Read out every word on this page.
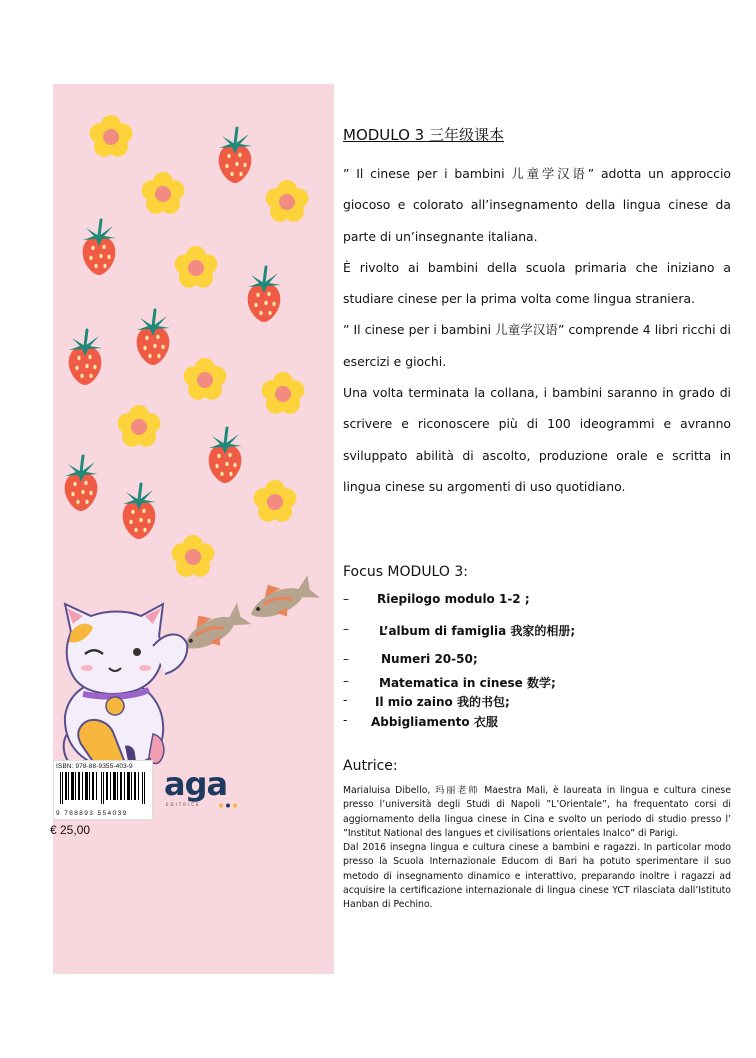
ISBN: 978-88-9355-403-9
9 788893 554039
aga
EDITRICE
€ 25,00
MODULO 3 三年级课本

” Il cinese per i bambini 儿童学汉语” adotta un approccio giocoso e colorato all’insegnamento della lingua cinese da parte di un’insegnante italiana.

È rivolto ai bambini della scuola primaria che iniziano a studiare cinese per la prima volta come lingua straniera.

” Il cinese per i bambini 儿童学汉语” comprende 4 libri ricchi di esercizi e giochi.

Una volta terminata la collana, i bambini saranno in grado di scrivere e riconoscere più di 100 ideogrammi e avranno sviluppato abilità di ascolto, produzione orale e scritta in lingua cinese su argomenti di uso quotidiano.

Focus MODULO 3:
– Riepilogo modulo 1-2 ;
–	L’album di famiglia 我家的相册;
–	Numeri 20-50;
–	Matematica in cinese 数学;
- Il mio zaino 我的书包;
- Abbigliamento 衣服
Autrice:

Marialuisa Dibello, 玛丽老师 Maestra Mali, è laureata in lingua e cultura cinese presso l’università degli Studi di Napoli ”L’Orientale”, ha frequentato corsi di aggiornamento della lingua cinese in Cina e svolto un periodo di studio presso l’ ”Institut National des langues et civilisations orientales Inalco” di Parigi.

Dal 2016 insegna lingua e cultura cinese a bambini e ragazzi. In particolar modo presso la Scuola Internazionale Educom di Bari ha potuto sperimentare il suo metodo di insegnamento dinamico e interattivo, preparando inoltre i ragazzi ad acquisire la certificazione internazionale di lingua cinese YCT rilasciata dall’Istituto Hanban di Pechino.
